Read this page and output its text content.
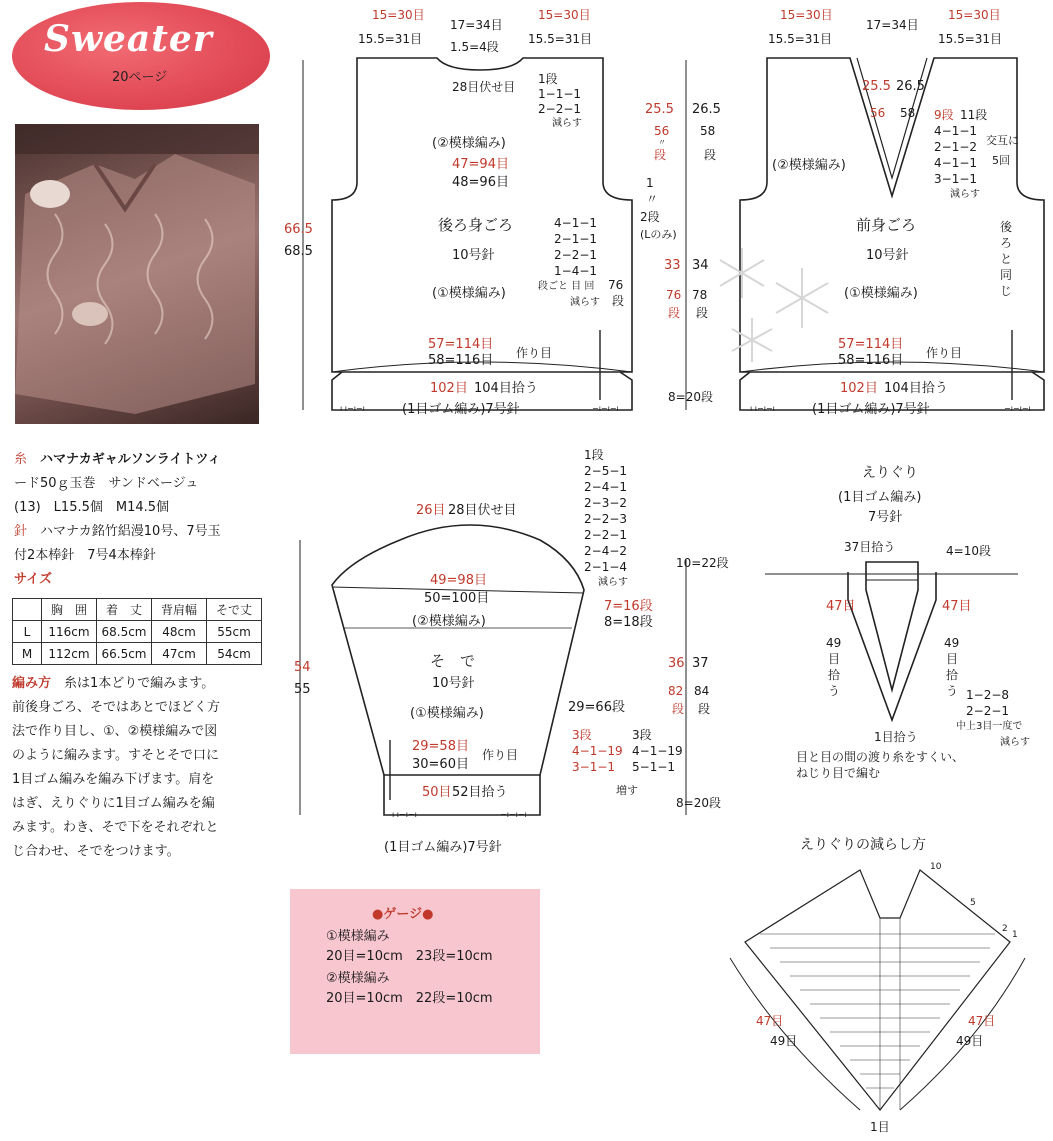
Sweater
20ページ
糸　 ハマナカギャルソンライトツィ
ード50ｇ玉巻　サンドベージュ
(13)　L15.5個　M14.5個
針　 ハマナカ銘竹絽漫10号、7号玉
付2本棒針　7号4本棒針
サイズ
	胸　囲	着　丈	背肩幅	そで丈
L	116cm	68.5cm	48cm	55cm
M	112cm	66.5cm	47cm	54cm
編み方　 糸は1本どりで編みます。
前後身ごろ、そではあとでほどく方
法で作り目し、①、②模様編みで図
のように編みます。すそとそで口に
1目ゴム編みを編み下げます。肩を
はぎ、えりぐりに1目ゴム編みを編
みます。わき、そで下をそれぞれと
じ合わせ、そでをつけます。
●ゲージ●
①模様編み
20目=10cm　23段=10cm
②模様編み
20目=10cm　22段=10cm
15=30目
15.5=31目
17=34目
1.5=4段
15=30目
15.5=31目
28目伏せ目
1段
1−1−1
2−2−1
減らす
(②模様編み)
47=94目
48=96目
後ろ身ごろ
10号針
(①模様編み)
4−1−1
2−1−1
2−2−1
1−4−1
段ごと 目 回
減らす
76
段
1
〃
2段
(Lのみ)
57=114目
58=116目 作り目
102目 104目拾う
(1目ゴム編み)7号針
ı ı−ı−ı	−ı−ı−ı
66.5
68.5
25.5 26.5
56
〃
段
58
段
33 34
76
段
78
段
8=20段
15=30目
15.5=31目
17=34目
15=30目
15.5=31目
25.5 26.5
56 58 9段 11段
4−1−1
2−1−2
4−1−1
3−1−1
減らす
交互に
5回
(②模様編み)
前身ごろ
10号針
(①模様編み)
後
ろ
と
同
じ
57=114目
58=116目 作り目
102目 104目拾う
(1目ゴム編み)7号針
ı ı−ı−ı	−ı−ı−ı
26目 28目伏せ目
1段
2−5−1
2−4−1
2−3−2
2−2−3
2−2−1
2−4−2
2−1−4
減らす
10=22段
49=98目
50=100目
(②模様編み)
7=16段
8=18段
そ　で
10号針
(①模様編み)	29=66段
54
55
36 37
82
段
84
段
3段
4−1−19
3−1−1
3段
4−1−19
5−1−1
増す
29=58目
30=60目
作り目
50目 52目拾う
ı ı−ı−ı	−ı−ı−ı
8=20段
(1目ゴム編み)7号針
えりぐり
(1目ゴム編み)
7号針
37目拾う	4=10段
47目
49
目
拾
う
47目
49
目
拾
う 1−2−8
2−2−1
中上3目一度で
減らす
1目拾う
目と目の間の渡り糸をすくい、
ねじり目で編む
えりぐりの減らし方
10
5
2
1
47目
49目
47目
49目
1目
